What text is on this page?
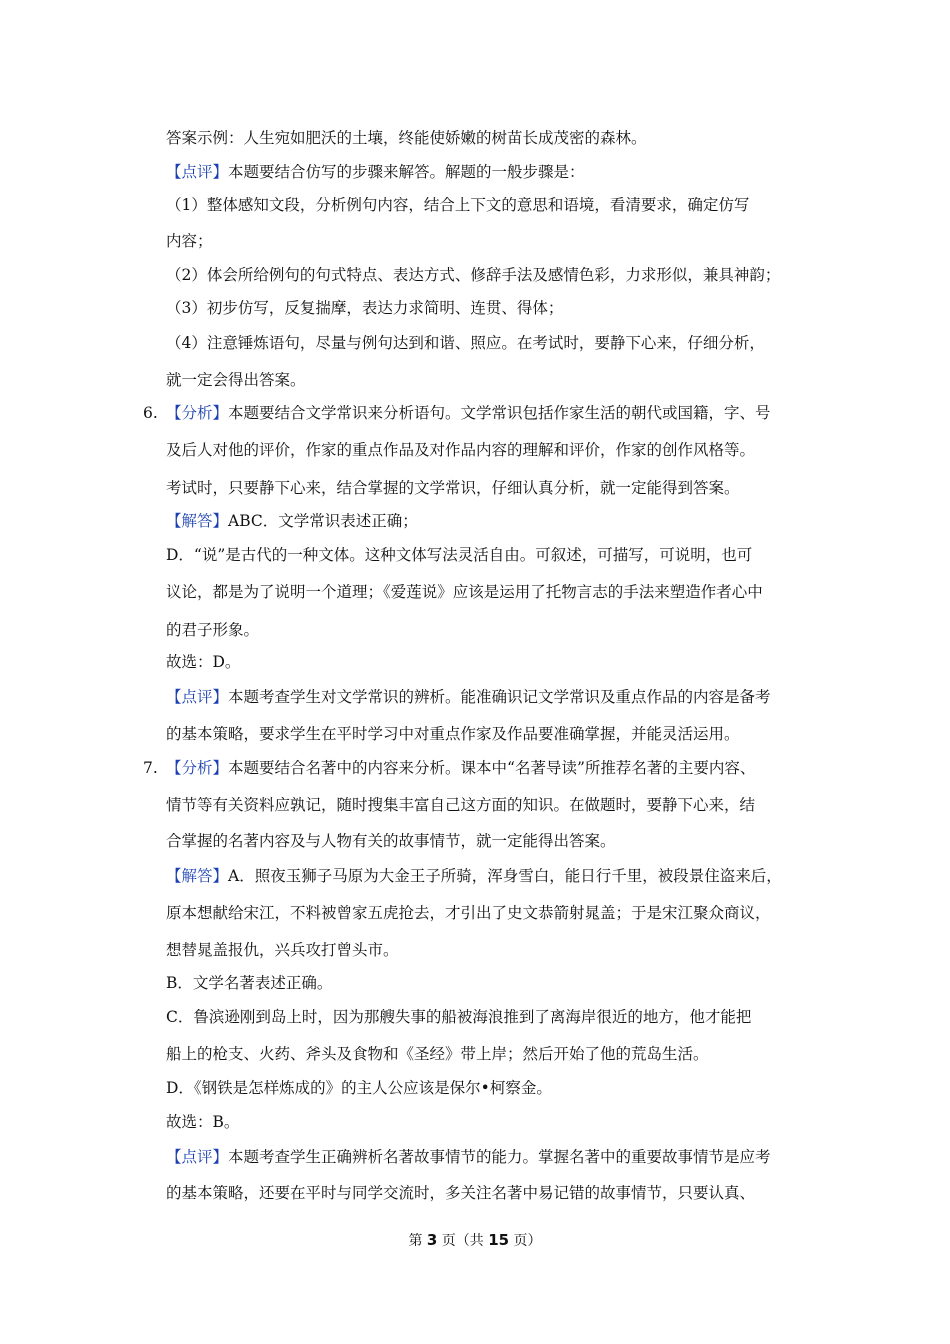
答案示例：人生宛如肥沃的土壤，终能使娇嫩的树苗长成茂密的森林。
【点评】本题要结合仿写的步骤来解答。解题的一般步骤是：
（1）整体感知文段，分析例句内容，结合上下文的意思和语境，看清要求，确定仿写
内容；
（2）体会所给例句的句式特点、表达方式、修辞手法及感情色彩，力求形似，兼具神韵；
（3）初步仿写，反复揣摩，表达力求简明、连贯、得体；
（4）注意锤炼语句，尽量与例句达到和谐、照应。在考试时，要静下心来，仔细分析，
就一定会得出答案。
6. 【分析】本题要结合文学常识来分析语句。文学常识包括作家生活的朝代或国籍，字、号
及后人对他的评价，作家的重点作品及对作品内容的理解和评价，作家的创作风格等。
考试时，只要静下心来，结合掌握的文学常识，仔细认真分析，就一定能得到答案。
【解答】ABC．文学常识表述正确；
D．“说”是古代的一种文体。这种文体写法灵活自由。可叙述，可描写，可说明，也可
议论，都是为了说明一个道理；《爱莲说》应该是运用了托物言志的手法来塑造作者心中
的君子形象。
故选：D。
【点评】本题考查学生对文学常识的辨析。能准确识记文学常识及重点作品的内容是备考
的基本策略，要求学生在平时学习中对重点作家及作品要准确掌握，并能灵活运用。
7. 【分析】本题要结合名著中的内容来分析。课本中“名著导读”所推荐名著的主要内容、
情节等有关资料应孰记，随时搜集丰富自己这方面的知识。在做题时，要静下心来，结
合掌握的名著内容及与人物有关的故事情节，就一定能得出答案。
【解答】A．照夜玉狮子马原为大金王子所骑，浑身雪白，能日行千里，被段景住盗来后，
原本想献给宋江，不料被曾家五虎抢去，才引出了史文恭箭射晁盖；于是宋江聚众商议，
想替晁盖报仇，兴兵攻打曾头市。
B．文学名著表述正确。
C．鲁滨逊刚到岛上时，因为那艘失事的船被海浪推到了离海岸很近的地方，他才能把
船上的枪支、火药、斧头及食物和《圣经》带上岸；然后开始了他的荒岛生活。
D．《钢铁是怎样炼成的》的主人公应该是保尔•柯察金。
故选：B。
【点评】本题考查学生正确辨析名著故事情节的能力。掌握名著中的重要故事情节是应考
的基本策略，还要在平时与同学交流时，多关注名著中易记错的故事情节，只要认真、
第 3 页（共 15 页）
